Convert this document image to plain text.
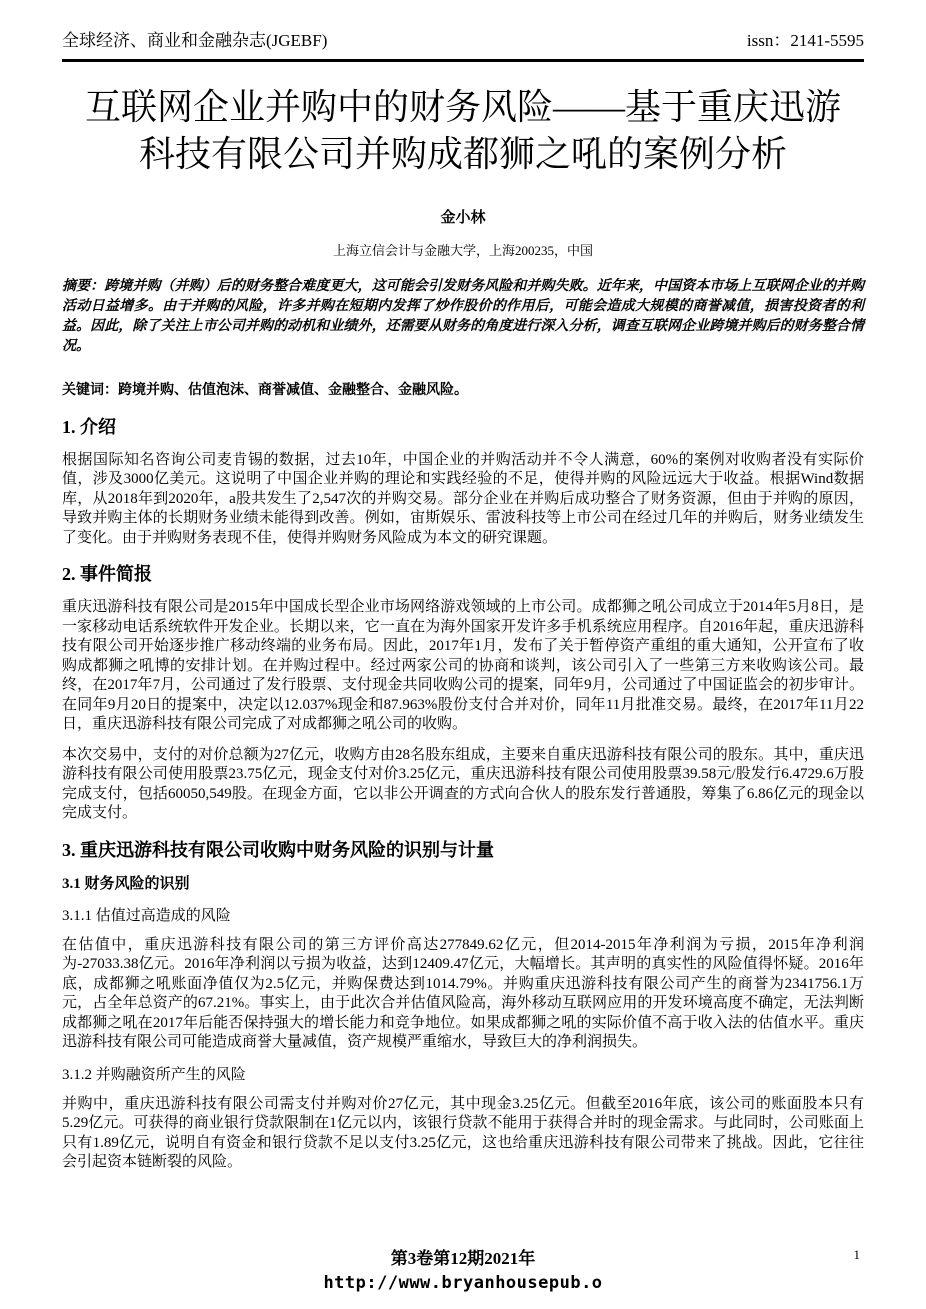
全球经济、商业和金融杂志(JGEBF)	issn：2141-5595
互联网企业并购中的财务风险——基于重庆迅游
科技有限公司并购成都狮之吼的案例分析
金小林
上海立信会计与金融大学，上海200235，中国

摘要：跨境并购（并购）后的财务整合难度更大，这可能会引发财务风险和并购失败。近年来，中国资本市场上互联网企业的并购活动日益增多。由于并购的风险，许多并购在短期内发挥了炒作股价的作用后，可能会造成大规模的商誉减值，损害投资者的利益。因此，除了关注上市公司并购的动机和业绩外，还需要从财务的角度进行深入分析，调查互联网企业跨境并购后的财务整合情况。

关键词：跨境并购、估值泡沫、商誉减值、金融整合、金融风险。

1. 介绍

根据国际知名咨询公司麦肯锡的数据，过去10年，中国企业的并购活动并不令人满意，60%的案例对收购者没有实际价值，涉及3000亿美元。这说明了中国企业并购的理论和实践经验的不足，使得并购的风险远远大于收益。根据Wind数据库，从2018年到2020年，a股共发生了2,547次的并购交易。部分企业在并购后成功整合了财务资源，但由于并购的原因，导致并购主体的长期财务业绩未能得到改善。例如，宙斯娱乐、雷波科技等上市公司在经过几年的并购后，财务业绩发生了变化。由于并购财务表现不佳，使得并购财务风险成为本文的研究课题。

2. 事件简报

重庆迅游科技有限公司是2015年中国成长型企业市场网络游戏领域的上市公司。成都狮之吼公司成立于2014年5月8日，是一家移动电话系统软件开发企业。长期以来，它一直在为海外国家开发许多手机系统应用程序。自2016年起，重庆迅游科技有限公司开始逐步推广移动终端的业务布局。因此，2017年1月，发布了关于暂停资产重组的重大通知，公开宣布了收购成都狮之吼博的安排计划。在并购过程中。经过两家公司的协商和谈判，该公司引入了一些第三方来收购该公司。最终，在2017年7月，公司通过了发行股票、支付现金共同收购公司的提案，同年9月，公司通过了中国证监会的初步审计。在同年9月20日的提案中，决定以12.037%现金和87.963%股份支付合并对价，同年11月批准交易。最终，在2017年11月22日，重庆迅游科技有限公司完成了对成都狮之吼公司的收购。

本次交易中，支付的对价总额为27亿元，收购方由28名股东组成，主要来自重庆迅游科技有限公司的股东。其中，重庆迅游科技有限公司使用股票23.75亿元，现金支付对价3.25亿元，重庆迅游科技有限公司使用股票39.58元/股发行6.4729.6万股完成支付，包括60050,549股。在现金方面，它以非公开调查的方式向合伙人的股东发行普通股，筹集了6.86亿元的现金以完成支付。

3. 重庆迅游科技有限公司收购中财务风险的识别与计量
3.1 财务风险的识别
3.1.1 估值过高造成的风险

在估值中，重庆迅游科技有限公司的第三方评价高达277849.62亿元，但2014-2015年净利润为亏损，2015年净利润为-27033.38亿元。2016年净利润以亏损为收益，达到12409.47亿元，大幅增长。其声明的真实性的风险值得怀疑。2016年底，成都狮之吼账面净值仅为2.5亿元，并购保费达到1014.79%。并购重庆迅游科技有限公司产生的商誉为2341756.1万元，占全年总资产的67.21%。事实上，由于此次合并估值风险高，海外移动互联网应用的开发环境高度不确定，无法判断成都狮之吼在2017年后能否保持强大的增长能力和竞争地位。如果成都狮之吼的实际价值不高于收入法的估值水平。重庆迅游科技有限公司可能造成商誉大量减值，资产规模严重缩水，导致巨大的净利润损失。

3.1.2 并购融资所产生的风险

并购中，重庆迅游科技有限公司需支付并购对价27亿元，其中现金3.25亿元。但截至2016年底，该公司的账面股本只有5.29亿元。可获得的商业银行贷款限制在1亿元以内，该银行贷款不能用于获得合并时的现金需求。与此同时，公司账面上只有1.89亿元，说明自有资金和银行贷款不足以支付3.25亿元，这也给重庆迅游科技有限公司带来了挑战。因此，它往往会引起资本链断裂的风险。

第3卷第12期2021年
http://www.bryanhousepub.o
1
